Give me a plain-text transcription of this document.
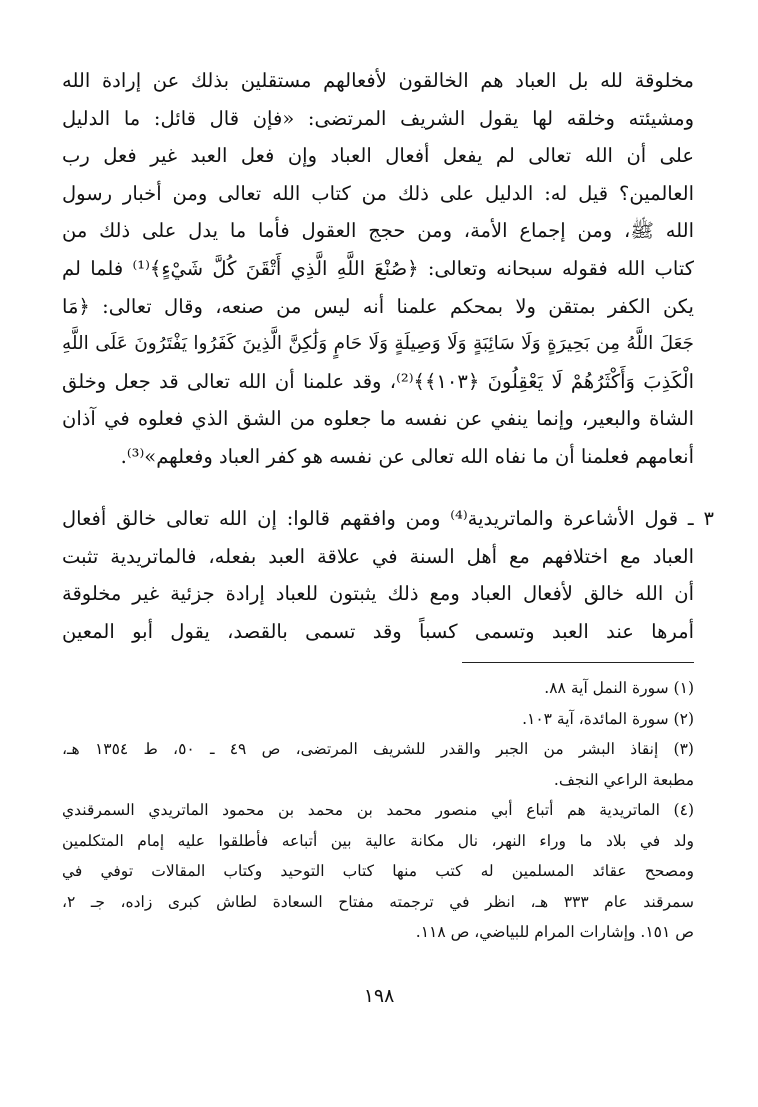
مخلوقة لله بل العباد هم الخالقون لأفعالهم مستقلين بذلك عن إرادة الله
ومشيئته وخلقه لها يقول الشريف المرتضى: «فإن قال قائل: ما الدليل
على أن الله تعالى لم يفعل أفعال العباد وإن فعل العبد غير فعل رب
العالمين؟ قيل له: الدليل على ذلك من كتاب الله تعالى ومن أخبار رسول
الله ﷺ، ومن إجماع الأمة، ومن حجج العقول فأما ما يدل على ذلك من
كتاب الله فقوله سبحانه وتعالى: ﴿صُنْعَ اللَّهِ الَّذِي أَتْقَنَ كُلَّ شَيْءٍ﴾⁽¹⁾ فلما لم
يكن الكفر بمتقن ولا بمحكم علمنا أنه ليس من صنعه، وقال تعالى: ﴿مَا
جَعَلَ اللَّهُ مِن بَحِيرَةٍ وَلَا سَائِبَةٍ وَلَا وَصِيلَةٍ وَلَا حَامٍ وَلَٰكِنَّ الَّذِينَ كَفَرُوا يَفْتَرُونَ عَلَى اللَّهِ
الْكَذِبَ وَأَكْثَرُهُمْ لَا يَعْقِلُونَ ﴿١٠٣﴾﴾⁽²⁾، وقد علمنا أن الله تعالى قد جعل وخلق
الشاة والبعير، وإنما ينفي عن نفسه ما جعلوه من الشق الذي فعلوه في آذان
أنعامهم فعلمنا أن ما نفاه الله تعالى عن نفسه هو كفر العباد وفعلهم»⁽³⁾.
٣ ـ قول الأشاعرة والماتريدية⁽⁴⁾ ومن وافقهم قالوا: إن الله تعالى خالق أفعال
العباد مع اختلافهم مع أهل السنة في علاقة العبد بفعله، فالماتريدية تثبت
أن الله خالق لأفعال العباد ومع ذلك يثبتون للعباد إرادة جزئية غير مخلوقة
أمرها عند العبد وتسمى كسباً وقد تسمى بالقصد، يقول أبو المعين
(١) سورة النمل آية ٨٨.
(٢) سورة المائدة، آية ١٠٣.
(٣) إنقاذ البشر من الجبر والقدر للشريف المرتضى، ص ٤٩ ـ ٥٠، ط ١٣٥٤ هـ،
مطبعة الراعي النجف.
(٤) الماتريدية هم أتباع أبي منصور محمد بن محمد بن محمود الماتريدي السمرقندي
ولد في بلاد ما وراء النهر، نال مكانة عالية بين أتباعه فأطلقوا عليه إمام المتكلمين
ومصحح عقائد المسلمين له كتب منها كتاب التوحيد وكتاب المقالات توفي في
سمرقند عام ٣٣٣ هـ، انظر في ترجمته مفتاح السعادة لطاش كبرى زاده، جـ ٢،
ص ١٥١. وإشارات المرام للبياضي، ص ١١٨.
١٩٨
